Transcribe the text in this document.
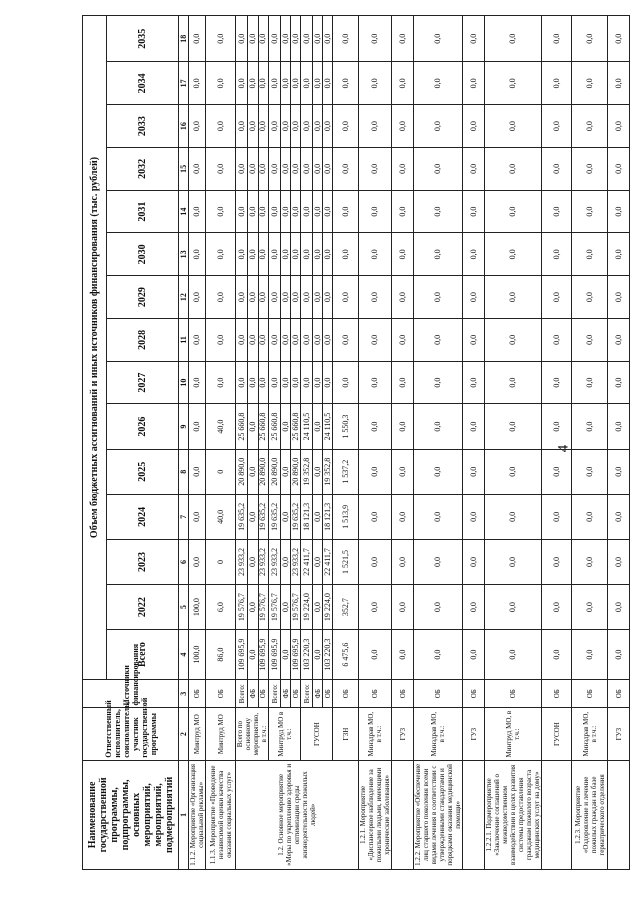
4
Наименование государственной программы, подпрограммы, основных мероприятий, мероприятий, подмероприятий	Ответственный исполнитель, соисполнитель, участник государственной программы	Источники финансирования	Объем бюджетных ассигнований и иных источников финансирования (тыс. рублей)														
			Всего	2022	2023	2024	2025	2026	2027	2028	2029	2030	2031	2032	2033	2034	2035
1	2	3	4	5	6	7	8	9	10	11	12	13	14	15	16	17	18
1.1.2. Мероприятие «Организация социальной рекламы»	Минтруд МО	ОБ	100,0	100,0	0,0	0,0	0,0	0,0	0,0	0,0	0,0	0,0	0,0	0,0	0,0	0,0	0,0
1.1.3. Мероприятие «Проведение независимой оценки качества оказания социальных услуг»	Минтруд МО	ОБ	86,0	6,0	0	40,0	0	40,0	0,0	0,0	0,0	0,0	0,0	0,0	0,0	0,0	0,0
1.2. Основное мероприятие «Меры по укреплению здоровья и оптимизации среды жизнедеятельности пожилых людей»	Всего по основному мероприятию, в т.ч.:	Всего:	109 695,9	19 576,7	23 933,2	19 635,2	20 890,0	25 660,8	0,0	0,0	0,0	0,0	0,0	0,0	0,0	0,0	0,0
		ФБ	0,0	0,0	0,0	0,0	0,0	0,0	0,0	0,0	0,0	0,0	0,0	0,0	0,0	0,0	0,0
		ОБ	109 695,9	19 576,7	23 933,2	19 635,2	20 890,0	25 660,8	0,0	0,0	0,0	0,0	0,0	0,0	0,0	0,0	0,0
	Минтруд МО в т.ч.:	Всего:	109 695,9	19 576,7	23 933,2	19 635,2	20 890,0	25 660,8	0,0	0,0	0,0	0,0	0,0	0,0	0,0	0,0	0,0
		ФБ	0,0	0,0	0,0	0,0	0,0	0,0	0,0	0,0	0,0	0,0	0,0	0,0	0,0	0,0	0,0
		ОБ	109 695,9	19 576,7	23 933,2	19 635,2	20 890,0	25 660,8	0,0	0,0	0,0	0,0	0,0	0,0	0,0	0,0	0,0
	ГУСОН	Всего:	103 220,3	19 224,0	22 411,7	18 121,3	19 352,8	24 110,5	0,0	0,0	0,0	0,0	0,0	0,0	0,0	0,0	0,0
		ФБ	0,0	0,0	0,0	0,0	0,0	0,0	0,0	0,0	0,0	0,0	0,0	0,0	0,0	0,0	0,0
		ОБ	103 220,3	19 224,0	22 411,7	18 121,3	19 352,8	24 110,5	0,0	0,0	0,0	0,0	0,0	0,0	0,0	0,0	0,0
	ГЗН	ОБ	6 475,6	352,7	1 521,5	1 513,9	1 537,2	1 550,3	0,0	0,0	0,0	0,0	0,0	0,0	0,0	0,0	0,0
1.2.1. Мероприятие «Диспансерное наблюдение за пожилыми людьми, имеющими хронические заболевания»	Минздрав МО, в т.ч.:	ОБ	0,0	0,0	0,0	0,0	0,0	0,0	0,0	0,0	0,0	0,0	0,0	0,0	0,0	0,0	0,0
	ГУЗ	ОБ	0,0	0,0	0,0	0,0	0,0	0,0	0,0	0,0	0,0	0,0	0,0	0,0	0,0	0,0	0,0
1.2.2. Мероприятие «Обеспечение лиц старшего поколения всеми видами лечения в соответствии с утвержденными стандартами и порядками оказания медицинской помощи»	Минздрав МО, в т.ч.:	ОБ	0,0	0,0	0,0	0,0	0,0	0,0	0,0	0,0	0,0	0,0	0,0	0,0	0,0	0,0	0,0
	ГУЗ	ОБ	0,0	0,0	0,0	0,0	0,0	0,0	0,0	0,0	0,0	0,0	0,0	0,0	0,0	0,0	0,0
1.2.2.1. Подмероприятие «Заключение соглашений о межведомственном взаимодействии в целях развития системы предоставления гражданам пожилого возраста медицинских услуг на дому»	Минтруд МО, в т.ч.:	ОБ	0,0	0,0	0,0	0,0	0,0	0,0	0,0	0,0	0,0	0,0	0,0	0,0	0,0	0,0	0,0
	ГУСОН	ОБ	0,0	0,0	0,0	0,0	0,0	0,0	0,0	0,0	0,0	0,0	0,0	0,0	0,0	0,0	0,0
1.2.3. Мероприятие «Оздоровление и лечение пожилых граждан на базе гериатрического отделения	Минздрав МО, в т.ч.:	ОБ	0,0	0,0	0,0	0,0	0,0	0,0	0,0	0,0	0,0	0,0	0,0	0,0	0,0	0,0	0,0
	ГУЗ	ОБ	0,0	0,0	0,0	0,0	0,0	0,0	0,0	0,0	0,0	0,0	0,0	0,0	0,0	0,0	0,0
